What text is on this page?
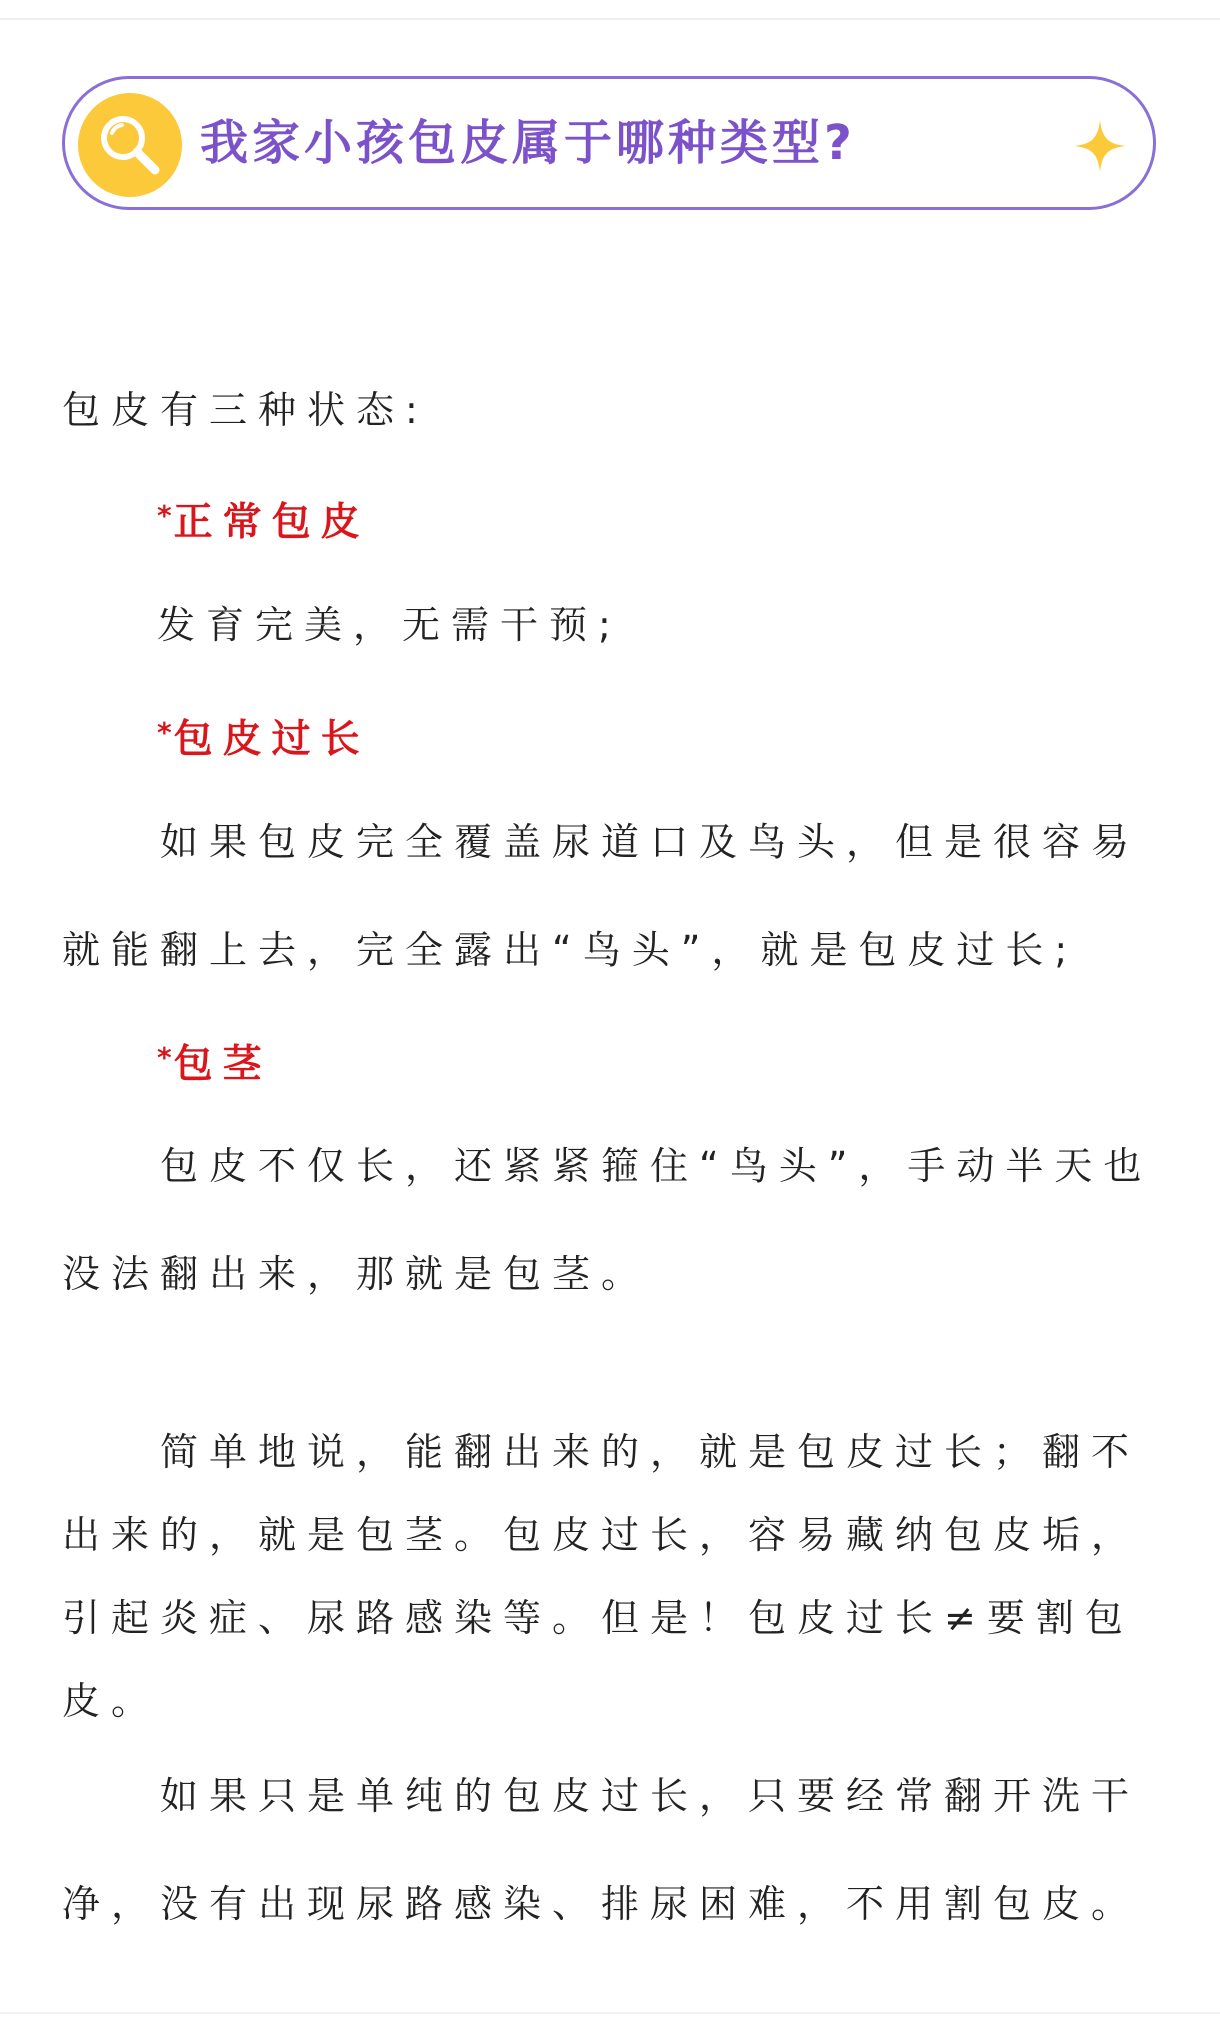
我家小孩包皮属于哪种类型?
包皮有三种状态:
*正常包皮
发育完美，无需干预;
*包皮过长
如果包皮完全覆盖尿道口及鸟头，但是很容易
就能翻上去，完全露出“鸟头”，就是包皮过长;
*包茎
包皮不仅长，还紧紧箍住“鸟头”，手动半天也
没法翻出来，那就是包茎。
简单地说，能翻出来的，就是包皮过长；翻不
出来的，就是包茎。包皮过长，容易藏纳包皮垢，
引起炎症、尿路感染等。但是！包皮过长≠要割包
皮。
如果只是单纯的包皮过长，只要经常翻开洗干
净，没有出现尿路感染、排尿困难，不用割包皮。
